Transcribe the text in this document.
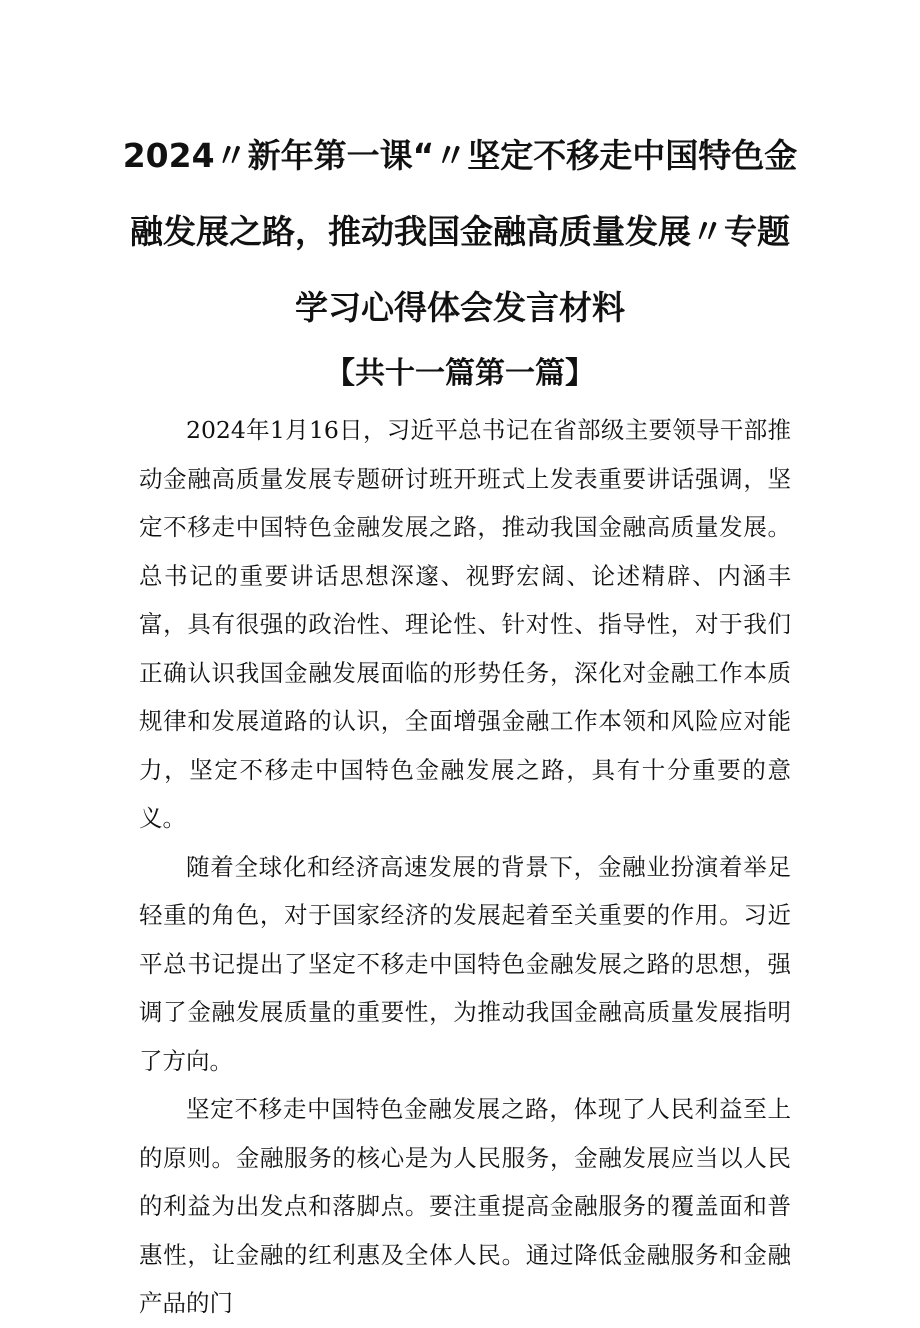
2024〃新年第一课“〃坚定不移走中国特色金融发展之路，推动我国金融高质量发展〃专题学习心得体会发言材料
【共十一篇第一篇】

2024年1月16日，习近平总书记在省部级主要领导干部推动金融高质量发展专题研讨班开班式上发表重要讲话强调，坚定不移走中国特色金融发展之路，推动我国金融高质量发展。总书记的重要讲话思想深邃、视野宏阔、论述精辟、内涵丰富，具有很强的政治性、理论性、针对性、指导性，对于我们正确认识我国金融发展面临的形势任务，深化对金融工作本质规律和发展道路的认识，全面增强金融工作本领和风险应对能力，坚定不移走中国特色金融发展之路，具有十分重要的意义。

随着全球化和经济高速发展的背景下，金融业扮演着举足轻重的角色，对于国家经济的发展起着至关重要的作用。习近平总书记提出了坚定不移走中国特色金融发展之路的思想，强调了金融发展质量的重要性，为推动我国金融高质量发展指明了方向。

坚定不移走中国特色金融发展之路，体现了人民利益至上的原则。金融服务的核心是为人民服务，金融发展应当以人民的利益为出发点和落脚点。要注重提高金融服务的覆盖面和普惠性，让金融的红利惠及全体人民。通过降低金融服务和金融产品的门
